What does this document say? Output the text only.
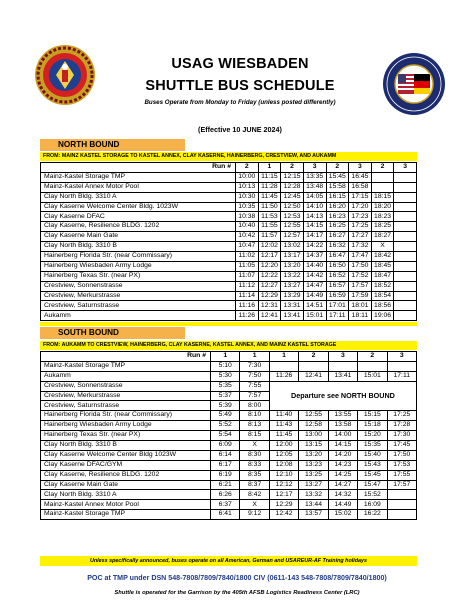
USAG WIESBADEN
SHUTTLE BUS SCHEDULE
Buses Operate from Monday to Friday (unless posted differently)
(Effective 10 JUNE 2024)
NORTH BOUND
FROM: MAINZ KASTEL STORAGE TO KASTEL ANNEX, CLAY KASERNE, HAINERBERG, CRESTVIEW, AND AUKAMM
Run #	2	1	2	3	2	3	2	3
Mainz-Kastel Storage TMP	10:00	11:15	12:15	13:35	15:45	16:45		
Mainz-Kastel Annex Motor Pool	10:13	11:28	12:28	13:48	15:58	16:58		
Clay North Bldg. 3310 A	10:30	11:45	12:45	14:05	16:15	17:15	18:15	
Clay Kaserne Welcome Center Bldg. 1023W	10:35	11:50	12:50	14:10	16:20	17:20	18:20	
Clay Kaserne DFAC	10:38	11:53	12:53	14:13	16:23	17:23	18:23	
Clay Kaserne, Resilience BLDG. 1202	10:40	11:55	12:55	14:15	16:25	17:25	18:25	
Clay Kaserne Main Gate	10:42	11:57	12:57	14:17	16:27	17:27	18:27	
Clay North Bldg. 3310 B	10:47	12:02	13:02	14:22	16:32	17:32	X	
Hainerberg Florida Str. (near Commissary)	11:02	12:17	13:17	14:37	16:47	17:47	18:42	
Hainerberg Wiesbaden Army Lodge	11:05	12:20	13:20	14:40	16:50	17:50	18:45	
Hainerberg Texas Str. (near PX)	11:07	12:22	13:22	14:42	16:52	17:52	18:47	
Crestview, Sonnenstrasse	11:12	12:27	13:27	14:47	16:57	17:57	18:52	
Crestview, Merkurstrasse	11:14	12:29	13:29	14:49	16:59	17:59	18:54	
Crestview, Saturnstrasse	11:16	12:31	13:31	14:51	17:01	18:01	18:56	
Aukamm	11:26	12:41	13:41	15:01	17:11	18:11	19:06	
SOUTH BOUND
FROM: AUKAMM TO CRESTVIEW, HAINERBERG, CLAY KASERNE, KASTEL ANNEX, AND MAINZ KASTEL STORAGE
Run #	1	1	1	2	3	2	3
Mainz-Kastel Storage TMP	5:10	7:30					
Aukamm	5:30	7:50	11:26	12:41	13:41	15:01	17:11
Crestview, Sonnenstrasse	5:35	7:55	Departure see NORTH BOUND				
Crestview, Merkurstrasse	5:37	7:57					
Crestview, Saturnstrasse	5:39	8:00					
Hainerberg Florida Str. (near Commissary)	5:49	8:10	11:40	12:55	13:55	15:15	17:25
Hainerberg Wiesbaden Army Lodge	5:52	8:13	11:43	12:58	13:58	15:18	17:28
Hainerberg Texas Str. (near PX)	5:54	8:15	11:45	13:00	14:00	15:20	17:30
Clay North Bldg. 3310 B	6:09	X	12:00	13:15	14:15	15:35	17:45
Clay Kaserne Welcome Center Bldg 1023W	6:14	8:30	12:05	13:20	14:20	15:40	17:50
Clay Kaserne DFAC/GYM	6:17	8:33	12:08	13:23	14:23	15:43	17:53
Clay Kaserne, Resilience BLDG. 1202	6:19	8:35	12:10	13:25	14:25	15:45	17:55
Clay Kaserne Main Gate	6:21	8:37	12:12	13:27	14:27	15:47	17:57
Clay North Bldg. 3310 A	6:26	8:42	12:17	13:32	14:32	15:52	
Mainz-Kastel Annex Motor Pool	6:37	X	12:29	13:44	14:49	16:09	
Mainz-Kastel Storage TMP	6:41	9:12	12:42	13:57	15:02	16:22	
Unless specifically announced, buses operate on all American, German and USAREUR-AF Training holidays
POC at TMP under DSN 548-7808/7809/7840/1800 CIV (0611-143 548-7808/7809/7840/1800)
Shuttle is operated for the Garrison by the 405th AFSB Logistics Readiness Center (LRC)
